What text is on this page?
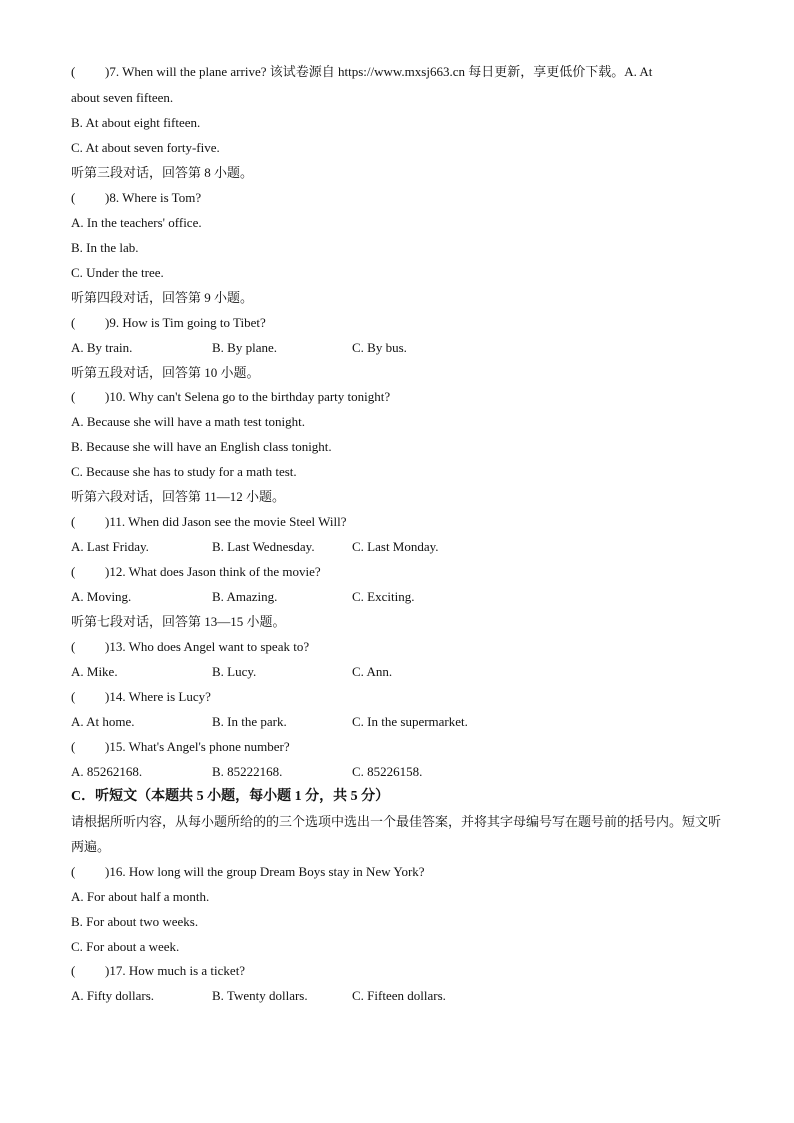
( )7. When will the plane arrive? 该试卷源自 https://www.mxsj663.cn 每日更新，享更低价下载。A. At
about seven fifteen.
B. At about eight fifteen.
C. At about seven forty-five.
听第三段对话，回答第 8 小题。
( )8. Where is Tom?
A. In the teachers' office.
B. In the lab.
C. Under the tree.
听第四段对话，回答第 9 小题。
( )9. How is Tim going to Tibet?
A. By train.	B. By plane.	C. By bus.
听第五段对话，回答第 10 小题。
( )10. Why can't Selena go to the birthday party tonight?
A. Because she will have a math test tonight.
B. Because she will have an English class tonight.
C. Because she has to study for a math test.
听第六段对话，回答第 11—12 小题。
( )11. When did Jason see the movie Steel Will?
A. Last Friday.	B. Last Wednesday.	C. Last Monday.
( )12. What does Jason think of the movie?
A. Moving.	B. Amazing.	C. Exciting.
听第七段对话，回答第 13—15 小题。
( )13. Who does Angel want to speak to?
A. Mike.	B. Lucy.	C. Ann.
( )14. Where is Lucy?
A. At home.	B. In the park.	C. In the supermarket.
( )15. What's Angel's phone number?
A. 85262168.	B. 85222168.	C. 85226158.
C．听短文（本题共 5 小题，每小题 1 分，共 5 分）
请根据所听内容，从每小题所给的的三个选项中选出一个最佳答案，并将其字母编号写在题号前的括号内。短文听两遍。
( )16. How long will the group Dream Boys stay in New York?
A. For about half a month.
B. For about two weeks.
C. For about a week.
( )17. How much is a ticket?
A. Fifty dollars.	B. Twenty dollars.	C. Fifteen dollars.
